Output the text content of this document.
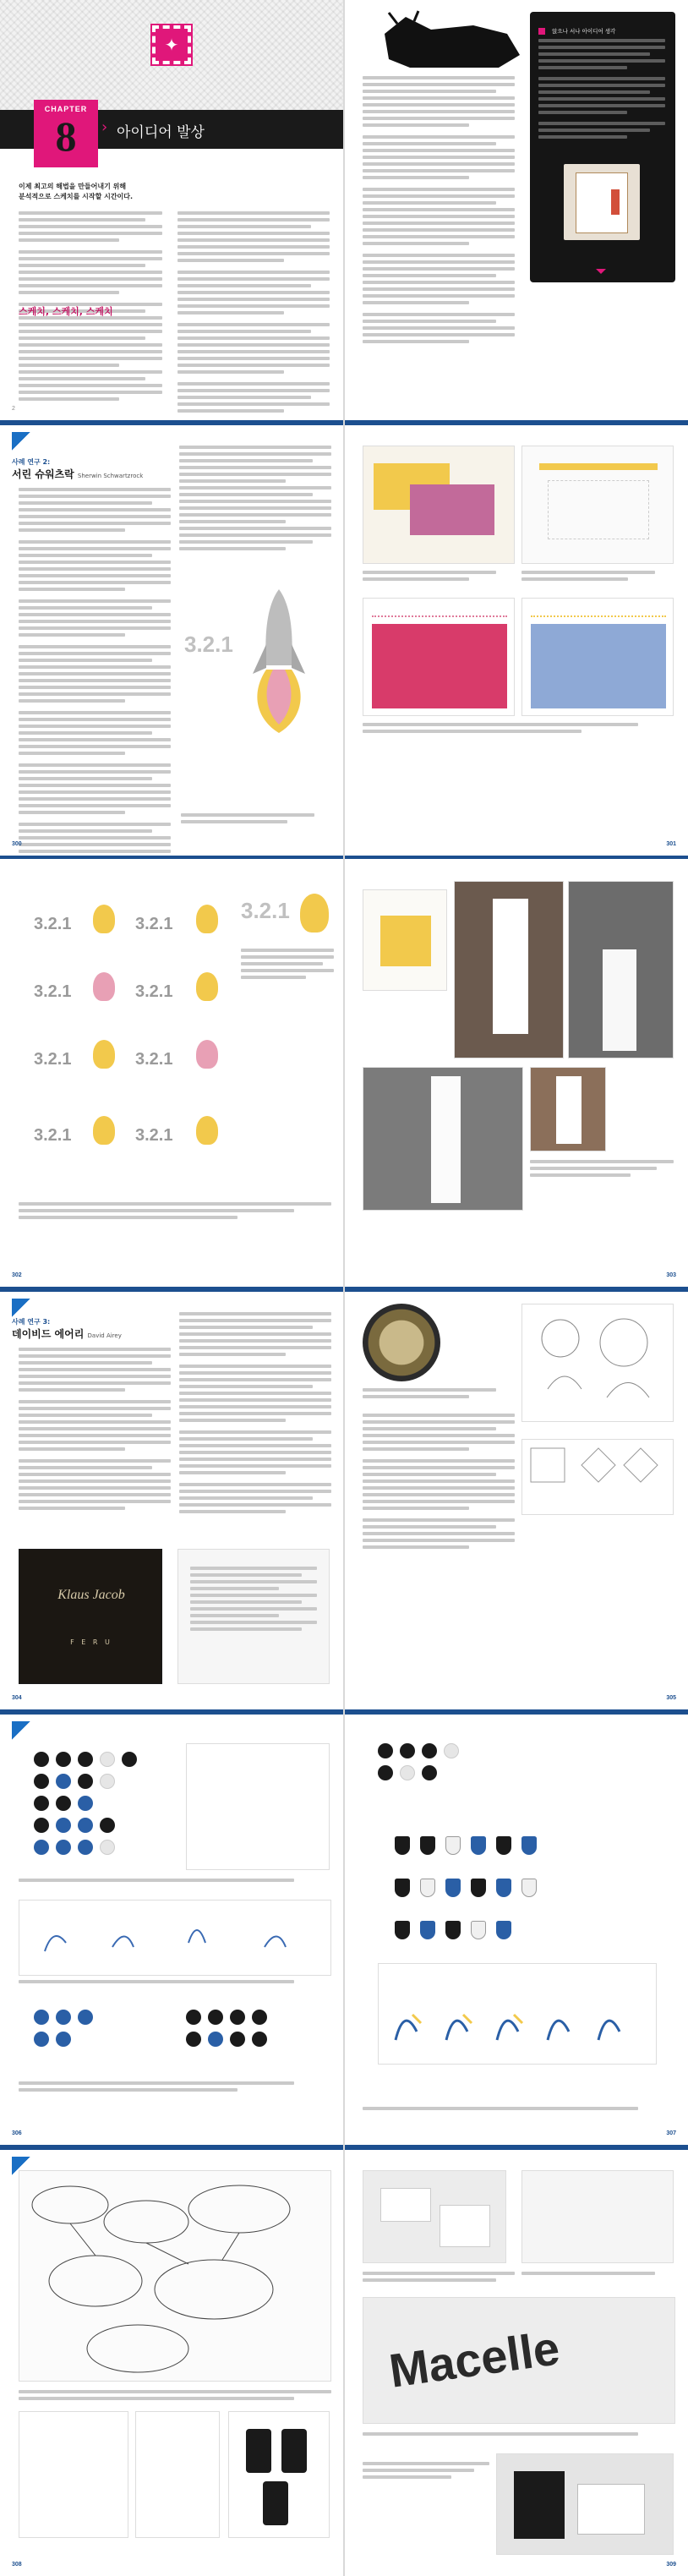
✦
CHAPTER
8	› 아이디어 발상
이제 최고의 해법을 만들어내기 위해
분석적으로 스케치를 시작할 시간이다.
스케치, 스케치, 스케치
2
앉으나 서나 아이디어 생각
사례 연구 2:
서린 슈워츠락 Sherwin Schwartzrock
3.2.1
300	301
3.2.1	3.2.1
3.2.1	3.2.1
3.2.1	3.2.1
3.2.1	3.2.1
3.2.1
302	303
사례 연구 3:
데이비드 에어리 David Airey
Klaus Jacob
F E R U
304	305
306	307
308
Macelle
309
